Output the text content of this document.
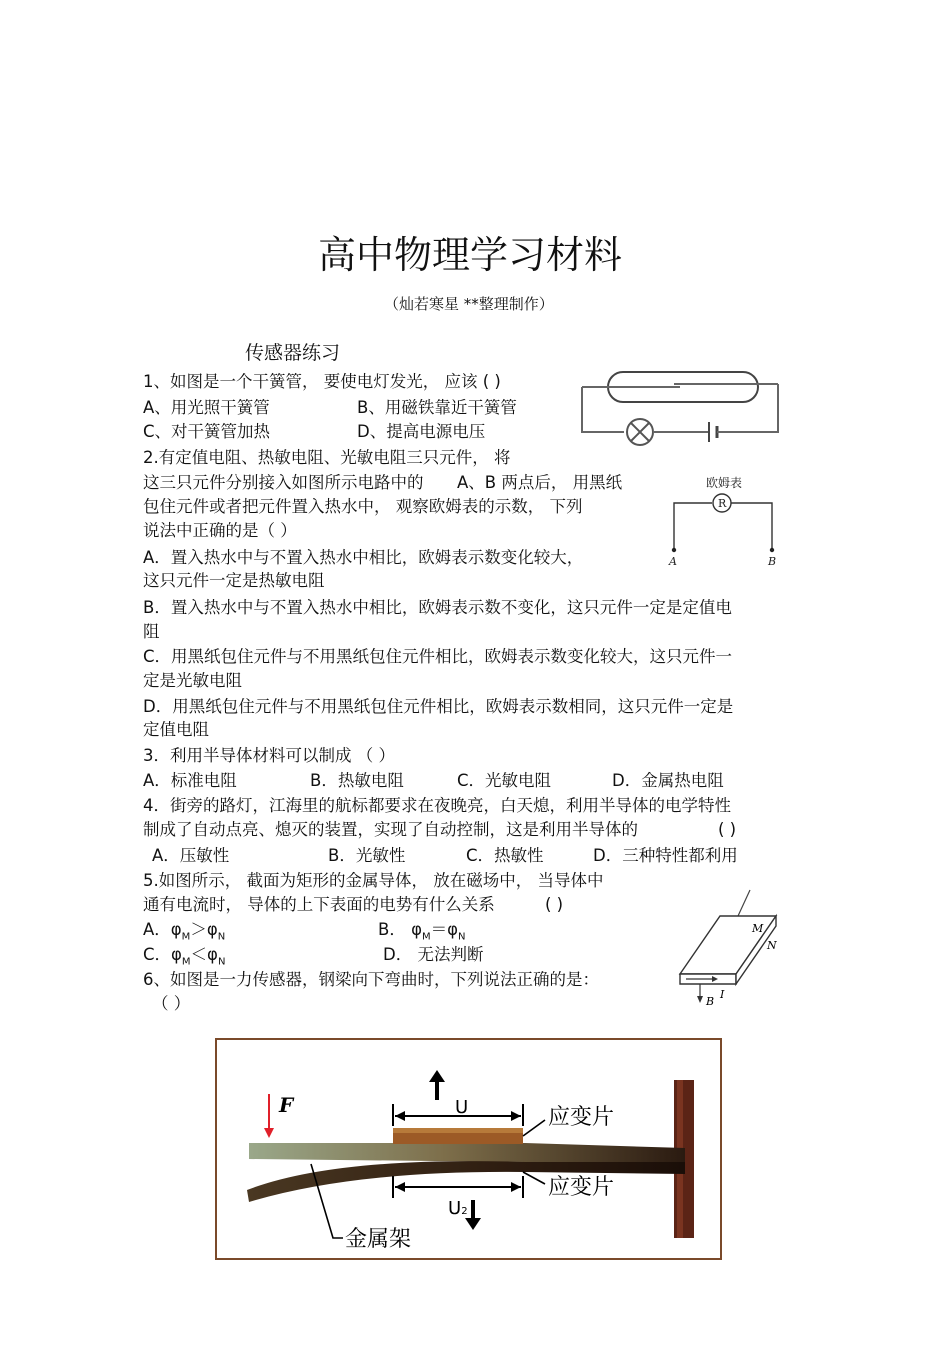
高中物理学习材料
（灿若寒星 **整理制作）
传感器练习
1、如图是一个干簧管， 要使电灯发光， 应该 ( )
A、用光照干簧管	B、用磁铁靠近干簧管
C、对干簧管加热	D、提高电源电压
2.有定值电阻、热敏电阻、光敏电阻三只元件， 将
这三只元件分别接入如图所示电路中的 A、B 两点后， 用黑纸
包住元件或者把元件置入热水中， 观察欧姆表的示数， 下列
说法中正确的是（ ）
A．置入热水中与不置入热水中相比，欧姆表示数变化较大，
这只元件一定是热敏电阻
B．置入热水中与不置入热水中相比，欧姆表示数不变化，这只元件一定是定值电
阻
C．用黑纸包住元件与不用黑纸包住元件相比，欧姆表示数变化较大，这只元件一
定是光敏电阻
D．用黑纸包住元件与不用黑纸包住元件相比，欧姆表示数相同，这只元件一定是
定值电阻
欧姆表
R
A	B
3．利用半导体材料可以制成 （ ）
A．标准电阻	B．热敏电阻	C．光敏电阻	D．金属热电阻
4．街旁的路灯，江海里的航标都要求在夜晚亮，白天熄，利用半导体的电学特性
制成了自动点亮、熄灭的装置，实现了自动控制，这是利用半导体的	( )
A．压敏性	B．光敏性	C．热敏性	D．三种特性都利用
5.如图所示， 截面为矩形的金属导体， 放在磁场中， 当导体中
通有电流时， 导体的上下表面的电势有什么关系	( )
A．$\varphi_M>\varphi_N$	B． $\varphi_M=\varphi_N$
C．$\varphi_M<\varphi_N$	D． 无法判断
M
N
I
B
6、如图是一力传感器，钢梁向下弯曲时，下列说法正确的是：
（ ）
U
U2
应变片
应变片
金属架
F
